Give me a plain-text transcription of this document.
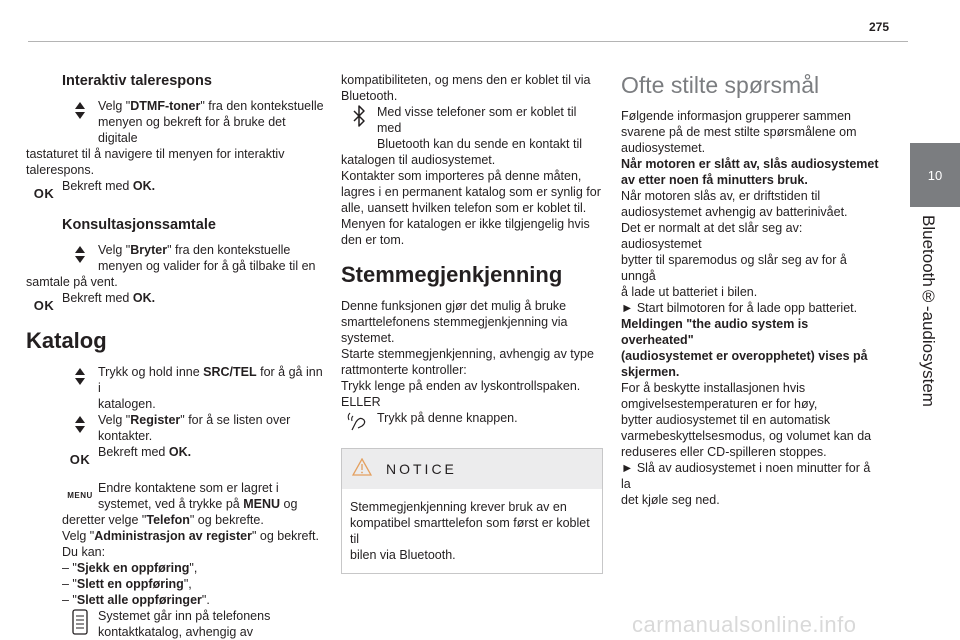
275
10
Bluetooth®-audiosystem
Interaktiv talerespons

Velg "DTMF-toner" fra den kontekstuelle

menyen og bekreft for å bruke det digitale

tastaturet til å navigere til menyen for interaktiv

talerespons.

OK Bekreft med OK.

Konsultasjonssamtale

Velg "Bryter" fra den kontekstuelle

menyen og valider for å gå tilbake til en

samtale på vent.

OK Bekreft med OK.

Katalog

Trykk og hold inne SRC/TEL for å gå inn i

katalogen.

Velg "Register" for å se listen over

kontakter.

OK Bekreft med OK.

MENU

Endre kontaktene som er lagret i

systemet, ved å trykke på MENU og

deretter velge "Telefon" og bekrefte.

Velg "Administrasjon av register" og bekreft.

Du kan:

– "Sjekk en oppføring",

– "Slett en oppføring",

– "Slett alle oppføringer".

Systemet går inn på telefonens

kontaktkatalog, avhengig av

kompatibiliteten, og mens den er koblet til via

Bluetooth.

Med visse telefoner som er koblet til med

Bluetooth kan du sende en kontakt til

katalogen til audiosystemet.

Kontakter som importeres på denne måten,

lagres i en permanent katalog som er synlig for

alle, uansett hvilken telefon som er koblet til.

Menyen for katalogen er ikke tilgjengelig hvis

den er tom.

Stemmegjenkjenning

Denne funksjonen gjør det mulig å bruke

smarttelefonens stemmegjenkjenning via

systemet.

Starte stemmegjenkjenning, avhengig av type

rattmonterte kontroller:

Trykk lenge på enden av lyskontrollspaken.

ELLER

Trykk på denne knappen.

NOTICE

Stemmegjenkjenning krever bruk av en

kompatibel smarttelefon som først er koblet til

bilen via Bluetooth.

Ofte stilte spørsmål

Følgende informasjon grupperer sammen

svarene på de mest stilte spørsmålene om

audiosystemet.

Når motoren er slått av, slås audiosystemet

av etter noen få minutters bruk.

Når motoren slås av, er driftstiden til

audiosystemet avhengig av batterinivået.

Det er normalt at det slår seg av: audiosystemet

bytter til sparemodus og slår seg av for å unngå

å lade ut batteriet i bilen.

► Start bilmotoren for å lade opp batteriet.

Meldingen "the audio system is overheated"

(audiosystemet er overopphetet) vises på

skjermen.

For å beskytte installasjonen hvis

omgivelsestemperaturen er for høy,

bytter audiosystemet til en automatisk

varmebeskyttelsesmodus, og volumet kan da

reduseres eller CD-spilleren stoppes.

► Slå av audiosystemet i noen minutter for å la

det kjøle seg ned.

carmanualsonline.info
